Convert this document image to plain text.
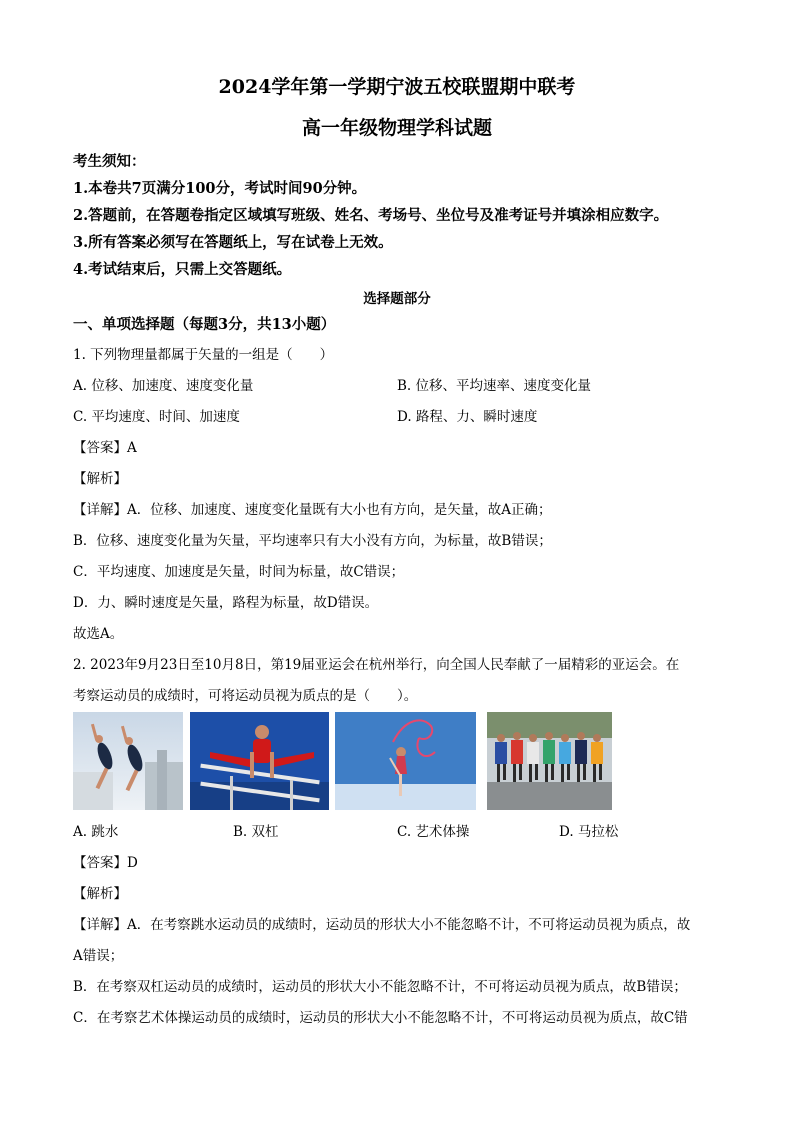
2024学年第一学期宁波五校联盟期中联考
高一年级物理学科试题
考生须知：
1.本卷共7页满分100分，考试时间90分钟。
2.答题前，在答题卷指定区域填写班级、姓名、考场号、坐位号及准考证号并填涂相应数字。
3.所有答案必须写在答题纸上，写在试卷上无效。
4.考试结束后，只需上交答题纸。
选择题部分
一、单项选择题（每题3分，共13小题）
1. 下列物理量都属于矢量的一组是（　　）
A. 位移、加速度、速度变化量	B. 位移、平均速率、速度变化量
C. 平均速度、时间、加速度	D. 路程、力、瞬时速度
【答案】A
【解析】
【详解】A．位移、加速度、速度变化量既有大小也有方向，是矢量，故A正确；
B．位移、速度变化量为矢量，平均速率只有大小没有方向，为标量，故B错误；
C．平均速度、加速度是矢量，时间为标量，故C错误；
D．力、瞬时速度是矢量，路程为标量，故D错误。
故选A。
2. 2023年9月23日至10月8日，第19届亚运会在杭州举行，向全国人民奉献了一届精彩的亚运会。在
考察运动员的成绩时，可将运动员视为质点的是（　　）。
A. 跳水	B. 双杠	C. 艺术体操	D. 马拉松
【答案】D
【解析】
【详解】A．在考察跳水运动员的成绩时，运动员的形状大小不能忽略不计，不可将运动员视为质点，故
A错误；
B．在考察双杠运动员的成绩时，运动员的形状大小不能忽略不计，不可将运动员视为质点，故B错误；
C．在考察艺术体操运动员的成绩时，运动员的形状大小不能忽略不计，不可将运动员视为质点，故C错
